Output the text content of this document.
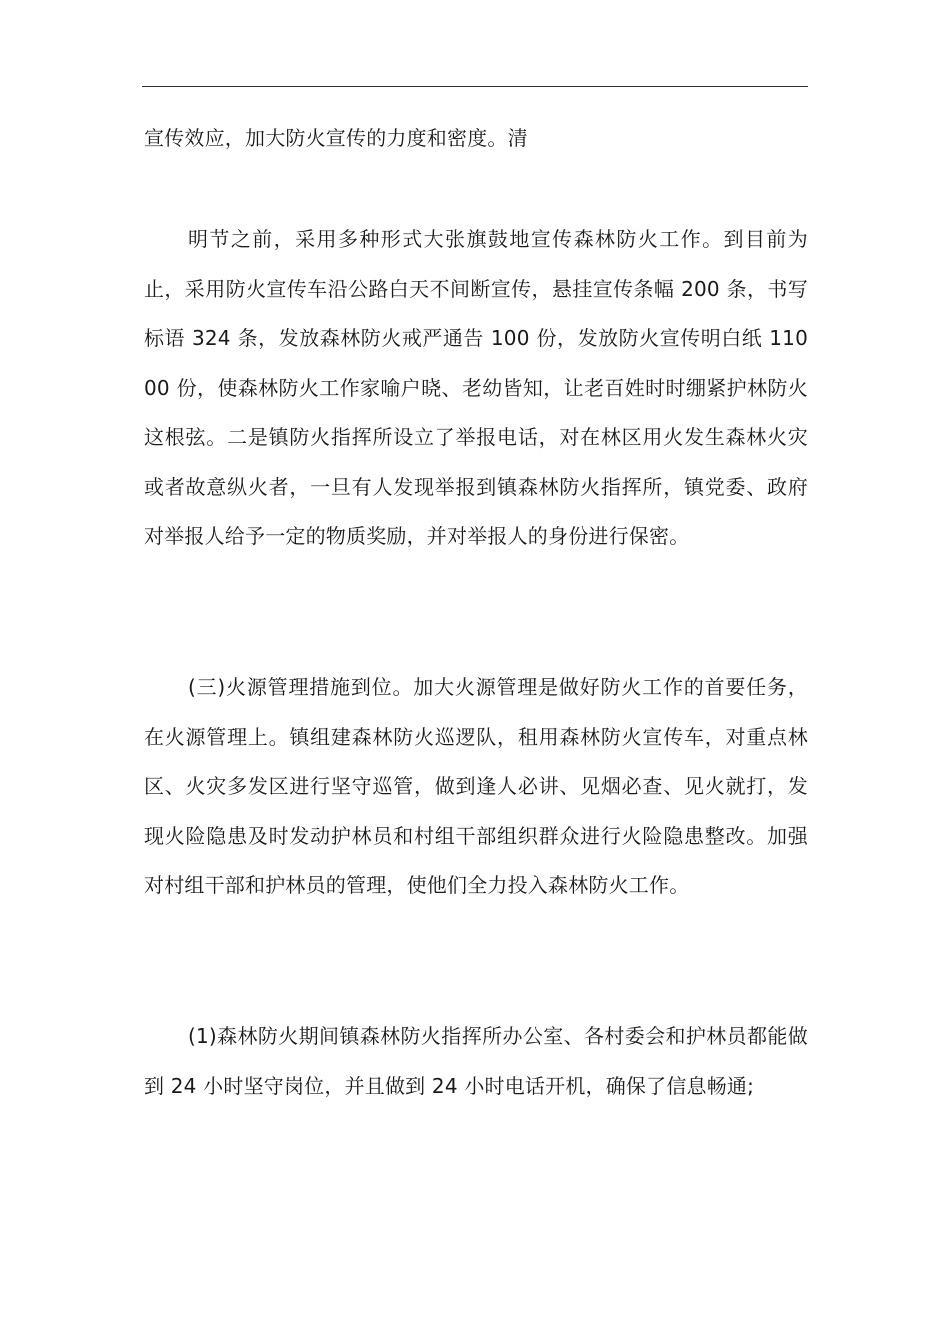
宣传效应，加大防火宣传的力度和密度。清

明节之前，采用多种形式大张旗鼓地宣传森林防火工作。到目前为止，采用防火宣传车沿公路白天不间断宣传，悬挂宣传条幅 200 条，书写标语 324 条，发放森林防火戒严通告 100 份，发放防火宣传明白纸 11000 份，使森林防火工作家喻户晓、老幼皆知，让老百姓时时绷紧护林防火这根弦。二是镇防火指挥所设立了举报电话，对在林区用火发生森林火灾或者故意纵火者，一旦有人发现举报到镇森林防火指挥所，镇党委、政府对举报人给予一定的物质奖励，并对举报人的身份进行保密。

(三)火源管理措施到位。加大火源管理是做好防火工作的首要任务，在火源管理上。镇组建森林防火巡逻队，租用森林防火宣传车，对重点林区、火灾多发区进行坚守巡管，做到逢人必讲、见烟必查、见火就打，发现火险隐患及时发动护林员和村组干部组织群众进行火险隐患整改。加强对村组干部和护林员的管理，使他们全力投入森林防火工作。

(1)森林防火期间镇森林防火指挥所办公室、各村委会和护林员都能做到 24 小时坚守岗位，并且做到 24 小时电话开机，确保了信息畅通;
